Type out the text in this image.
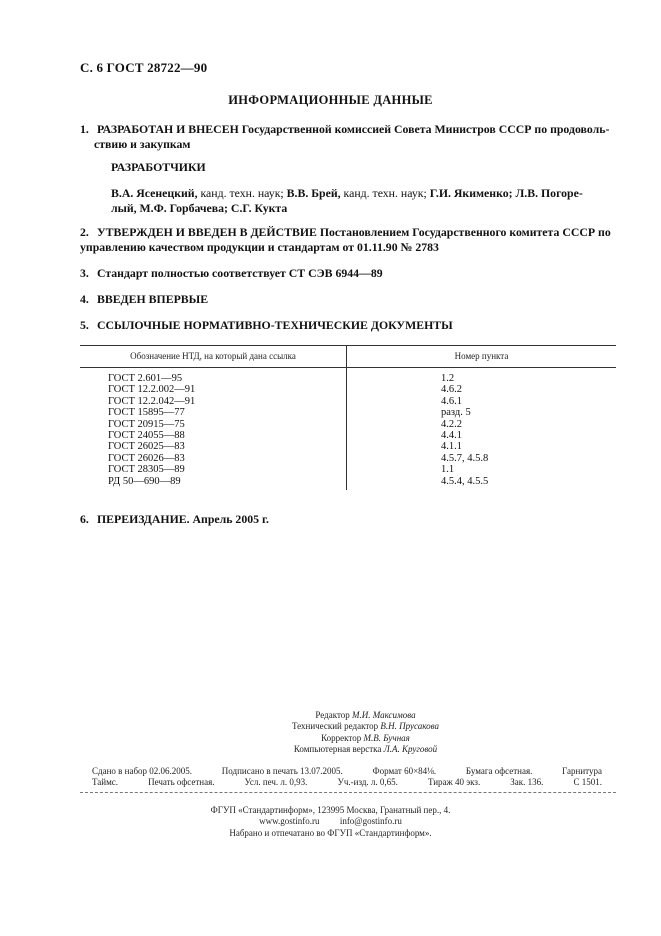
С. 6 ГОСТ 28722—90
ИНФОРМАЦИОННЫЕ ДАННЫЕ
1. РАЗРАБОТАН И ВНЕСЕН Государственной комиссией Совета Министров СССР по продоволь-
ствию и закупкам
РАЗРАБОТЧИКИ
В.А. Ясенецкий, канд. техн. наук; В.В. Брей, канд. техн. наук; Г.И. Якименко; Л.В. Погоре-
лый, М.Ф. Горбачева; С.Г. Кукта
2. УТВЕРЖДЕН И ВВЕДЕН В ДЕЙСТВИЕ Постановлением Государственного комитета СССР по
управлению качеством продукции и стандартам от 01.11.90 № 2783
3. Стандарт полностью соответствует СТ СЭВ 6944—89
4. ВВЕДЕН ВПЕРВЫЕ
5. ССЫЛОЧНЫЕ НОРМАТИВНО-ТЕХНИЧЕСКИЕ ДОКУМЕНТЫ
Обозначение НТД, на который дана ссылка	Номер пункта
ГОСТ 2.601—95	1.2
ГОСТ 12.2.002—91	4.6.2
ГОСТ 12.2.042—91	4.6.1
ГОСТ 15895—77	разд. 5
ГОСТ 20915—75	4.2.2
ГОСТ 24055—88	4.4.1
ГОСТ 26025—83	4.1.1
ГОСТ 26026—83	4.5.7, 4.5.8
ГОСТ 28305—89	1.1
РД 50—690—89	4.5.4, 4.5.5
6. ПЕРЕИЗДАНИЕ. Апрель 2005 г.
Редактор М.И. Максимова
Технический редактор В.Н. Прусакова
Корректор М.В. Бучная
Компьютерная верстка Л.А. Круговой
Сдано в набор 02.06.2005.	Подписано в печать 13.07.2005.	Формат 60×84⅛.	Бумага офсетная.	Гарнитура
Таймс.	Печать офсетная.	Усл. печ. л. 0,93.	Уч.-изд. л. 0,65.	Тираж 40 экз.	Зак. 136.	С 1501.
ФГУП «Стандартинформ», 123995 Москва, Гранатный пер., 4.
www.gostinfo.ru info@gostinfo.ru
Набрано и отпечатано во ФГУП «Стандартинформ».
